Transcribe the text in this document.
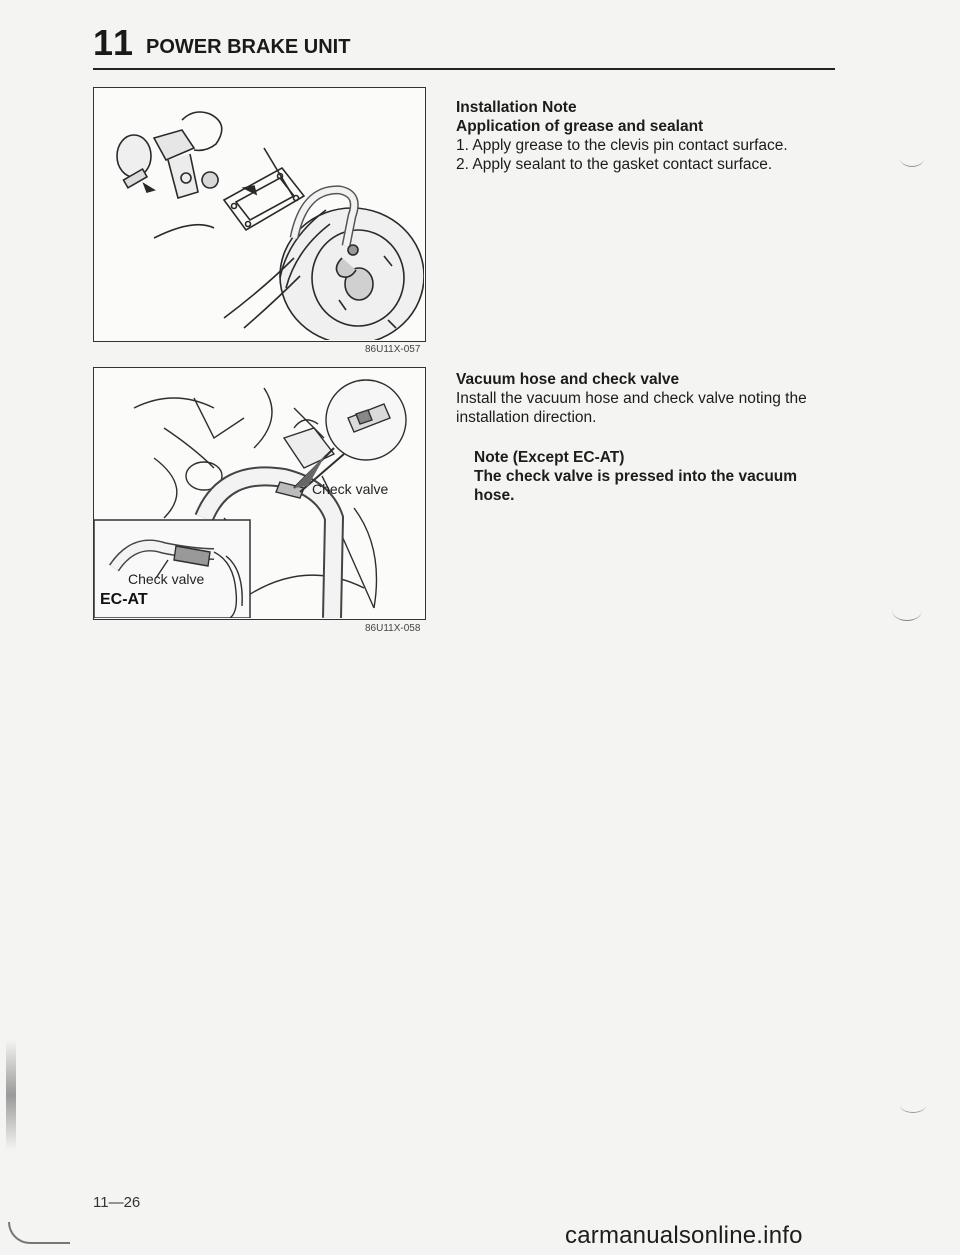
11 POWER BRAKE UNIT
86U11X-057
Check valve
Check valve
EC-AT
86U11X-058
Installation Note
Application of grease and sealant
1. Apply grease to the clevis pin contact surface.
2. Apply sealant to the gasket contact surface.
Vacuum hose and check valve
Install the vacuum hose and check valve noting the
installation direction.
Note (Except EC-AT)
The check valve is pressed into the vacuum
hose.
11—26
carmanualsonline.info
